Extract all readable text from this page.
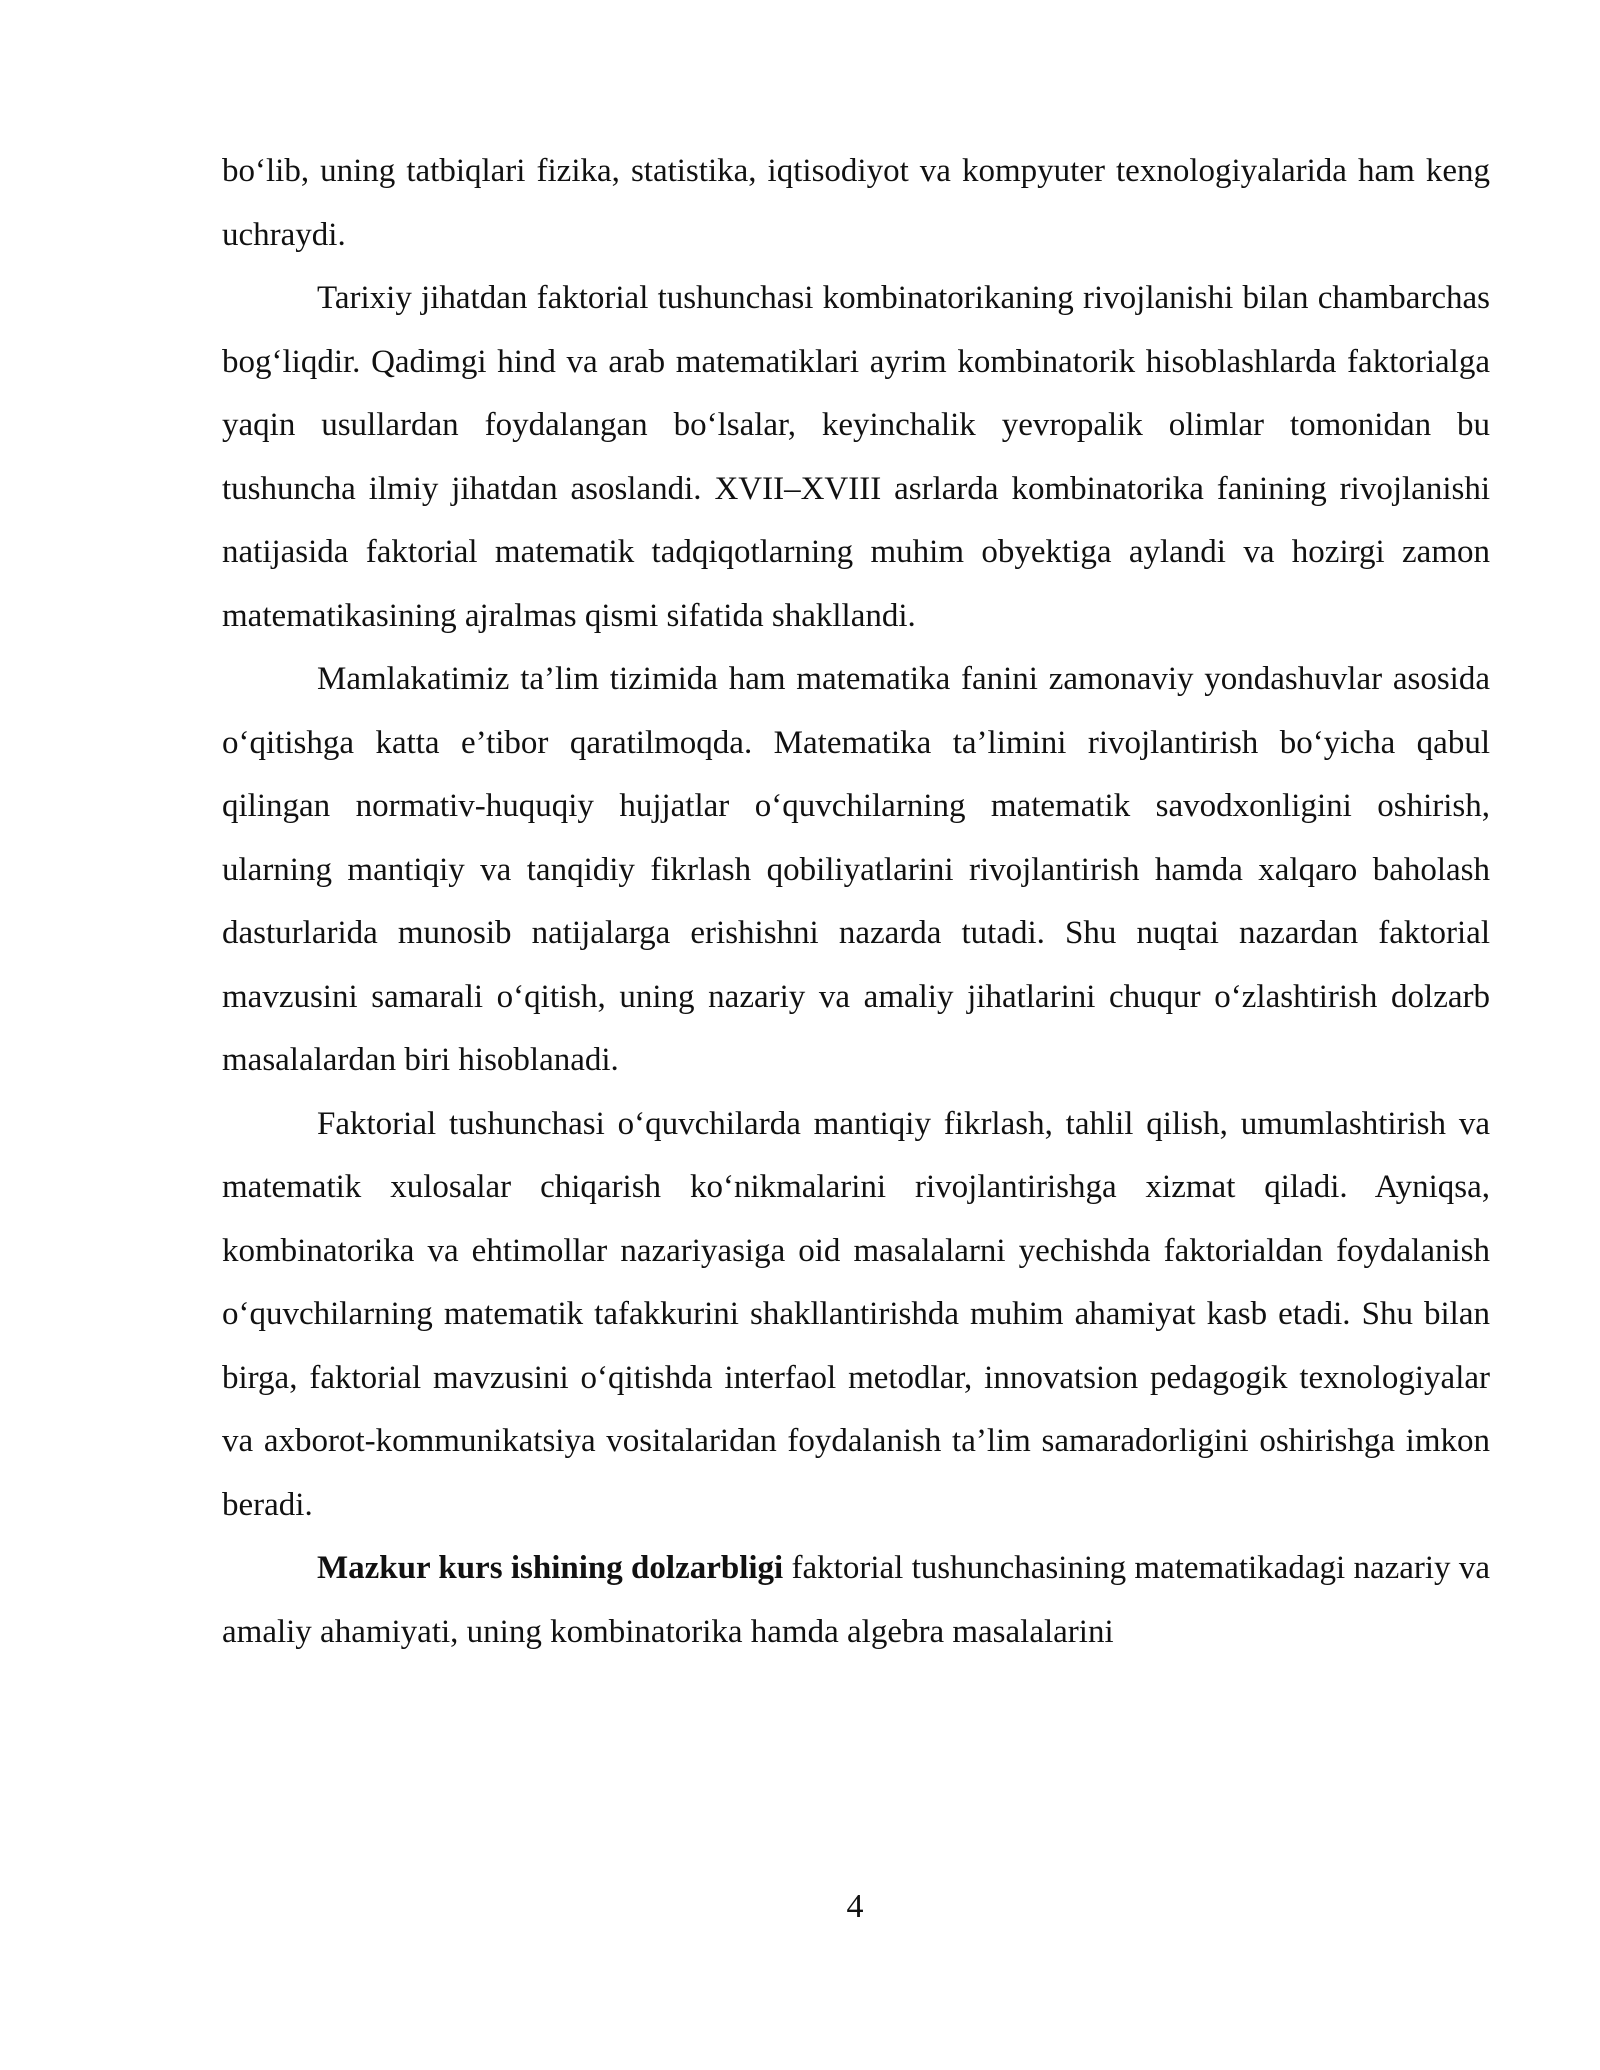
bo‘lib, uning tatbiqlari fizika, statistika, iqtisodiyot va kompyuter texnologiyalarida ham keng uchraydi.

Tarixiy jihatdan faktorial tushunchasi kombinatorikaning rivojlanishi bilan chambarchas bog‘liqdir. Qadimgi hind va arab matematiklari ayrim kombinatorik hisoblashlarda faktorialga yaqin usullardan foydalangan bo‘lsalar, keyinchalik yevropalik olimlar tomonidan bu tushuncha ilmiy jihatdan asoslandi. XVII–XVIII asrlarda kombinatorika fanining rivojlanishi natijasida faktorial matematik tadqiqotlarning muhim obyektiga aylandi va hozirgi zamon matematikasining ajralmas qismi sifatida shakllandi.

Mamlakatimiz ta’lim tizimida ham matematika fanini zamonaviy yondashuvlar asosida o‘qitishga katta e’tibor qaratilmoqda. Matematika ta’limini rivojlantirish bo‘yicha qabul qilingan normativ-huquqiy hujjatlar o‘quvchilarning matematik savodxonligini oshirish, ularning mantiqiy va tanqidiy fikrlash qobiliyatlarini rivojlantirish hamda xalqaro baholash dasturlarida munosib natijalarga erishishni nazarda tutadi. Shu nuqtai nazardan faktorial mavzusini samarali o‘qitish, uning nazariy va amaliy jihatlarini chuqur o‘zlashtirish dolzarb masalalardan biri hisoblanadi.

Faktorial tushunchasi o‘quvchilarda mantiqiy fikrlash, tahlil qilish, umumlashtirish va matematik xulosalar chiqarish ko‘nikmalarini rivojlantirishga xizmat qiladi. Ayniqsa, kombinatorika va ehtimollar nazariyasiga oid masalalarni yechishda faktorialdan foydalanish o‘quvchilarning matematik tafakkurini shakllantirishda muhim ahamiyat kasb etadi. Shu bilan birga, faktorial mavzusini o‘qitishda interfaol metodlar, innovatsion pedagogik texnologiyalar va axborot-kommunikatsiya vositalaridan foydalanish ta’lim samaradorligini oshirishga imkon beradi.

Mazkur kurs ishining dolzarbligi faktorial tushunchasining matematikadagi nazariy va amaliy ahamiyati, uning kombinatorika hamda algebra masalalarini

4
